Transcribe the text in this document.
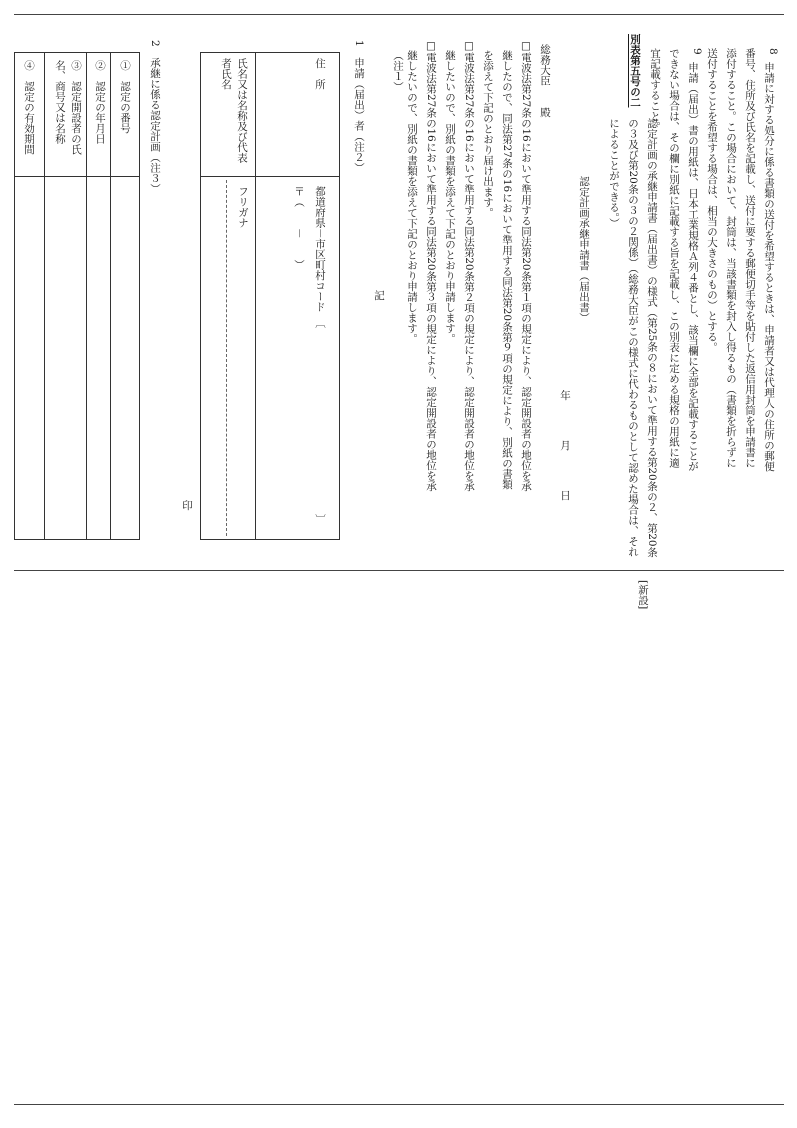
[新設]
8
申請に対する処分に係る書類の送付を希望するときは、申請者又は代理人の住所の郵便
番号、住所及び氏名を記載し、送付に要する郵便切手等を貼付した返信用封筒を申請書に
添付すること。この場合において、封筒は、当該書類を封入し得るもの（書類を折らずに
送付することを希望する場合は、相当の大きさのもの）とする。
9
申請（届出）書の用紙は、日本工業規格Ａ列４番とし、該当欄に全部を記載することが
できない場合は、その欄に別紙に記載する旨を記載し、この別表に定める規格の用紙に適
宜記載すること。
別表第五号の二
認定計画の承継申請書（届出書）の様式（第25条の８において準用する第20条の２、第20条の３及び第20条の３の２関係）（総務大臣がこの様式に代わるものとして認めた場合は、それによることができる。）
認定計画承継申請書（届出書）
年
月
日
総務大臣　　殿
□電波法第27条の16において準用する同法第20条第１項の規定により、認定開設者の地位を承
継したので、同法第27条の16において準用する同法第20条第９項の規定により、別紙の書類
を添えて下記のとおり届け出ます。
□電波法第27条の16において準用する同法第20条第２項の規定により、認定開設者の地位を承
継したいので、別紙の書類を添えて下記のとおり申請します。
□電波法第27条の16において準用する同法第20条第３項の規定により、認定開設者の地位を承
継したいので、別紙の書類を添えて下記のとおり申請します。
（注１）
記
1　申請（届出）者（注２）
住　所
都道府県－市区町村コード　〔
〕
〒（　　－　　）
氏名又は名称及び代表者氏名
フリガナ
印
2　承継に係る認定計画（注３）
①　認定の番号
②　認定の年月日
③　認定開設者の氏名、商号又は名称
④　認定の有効期間
